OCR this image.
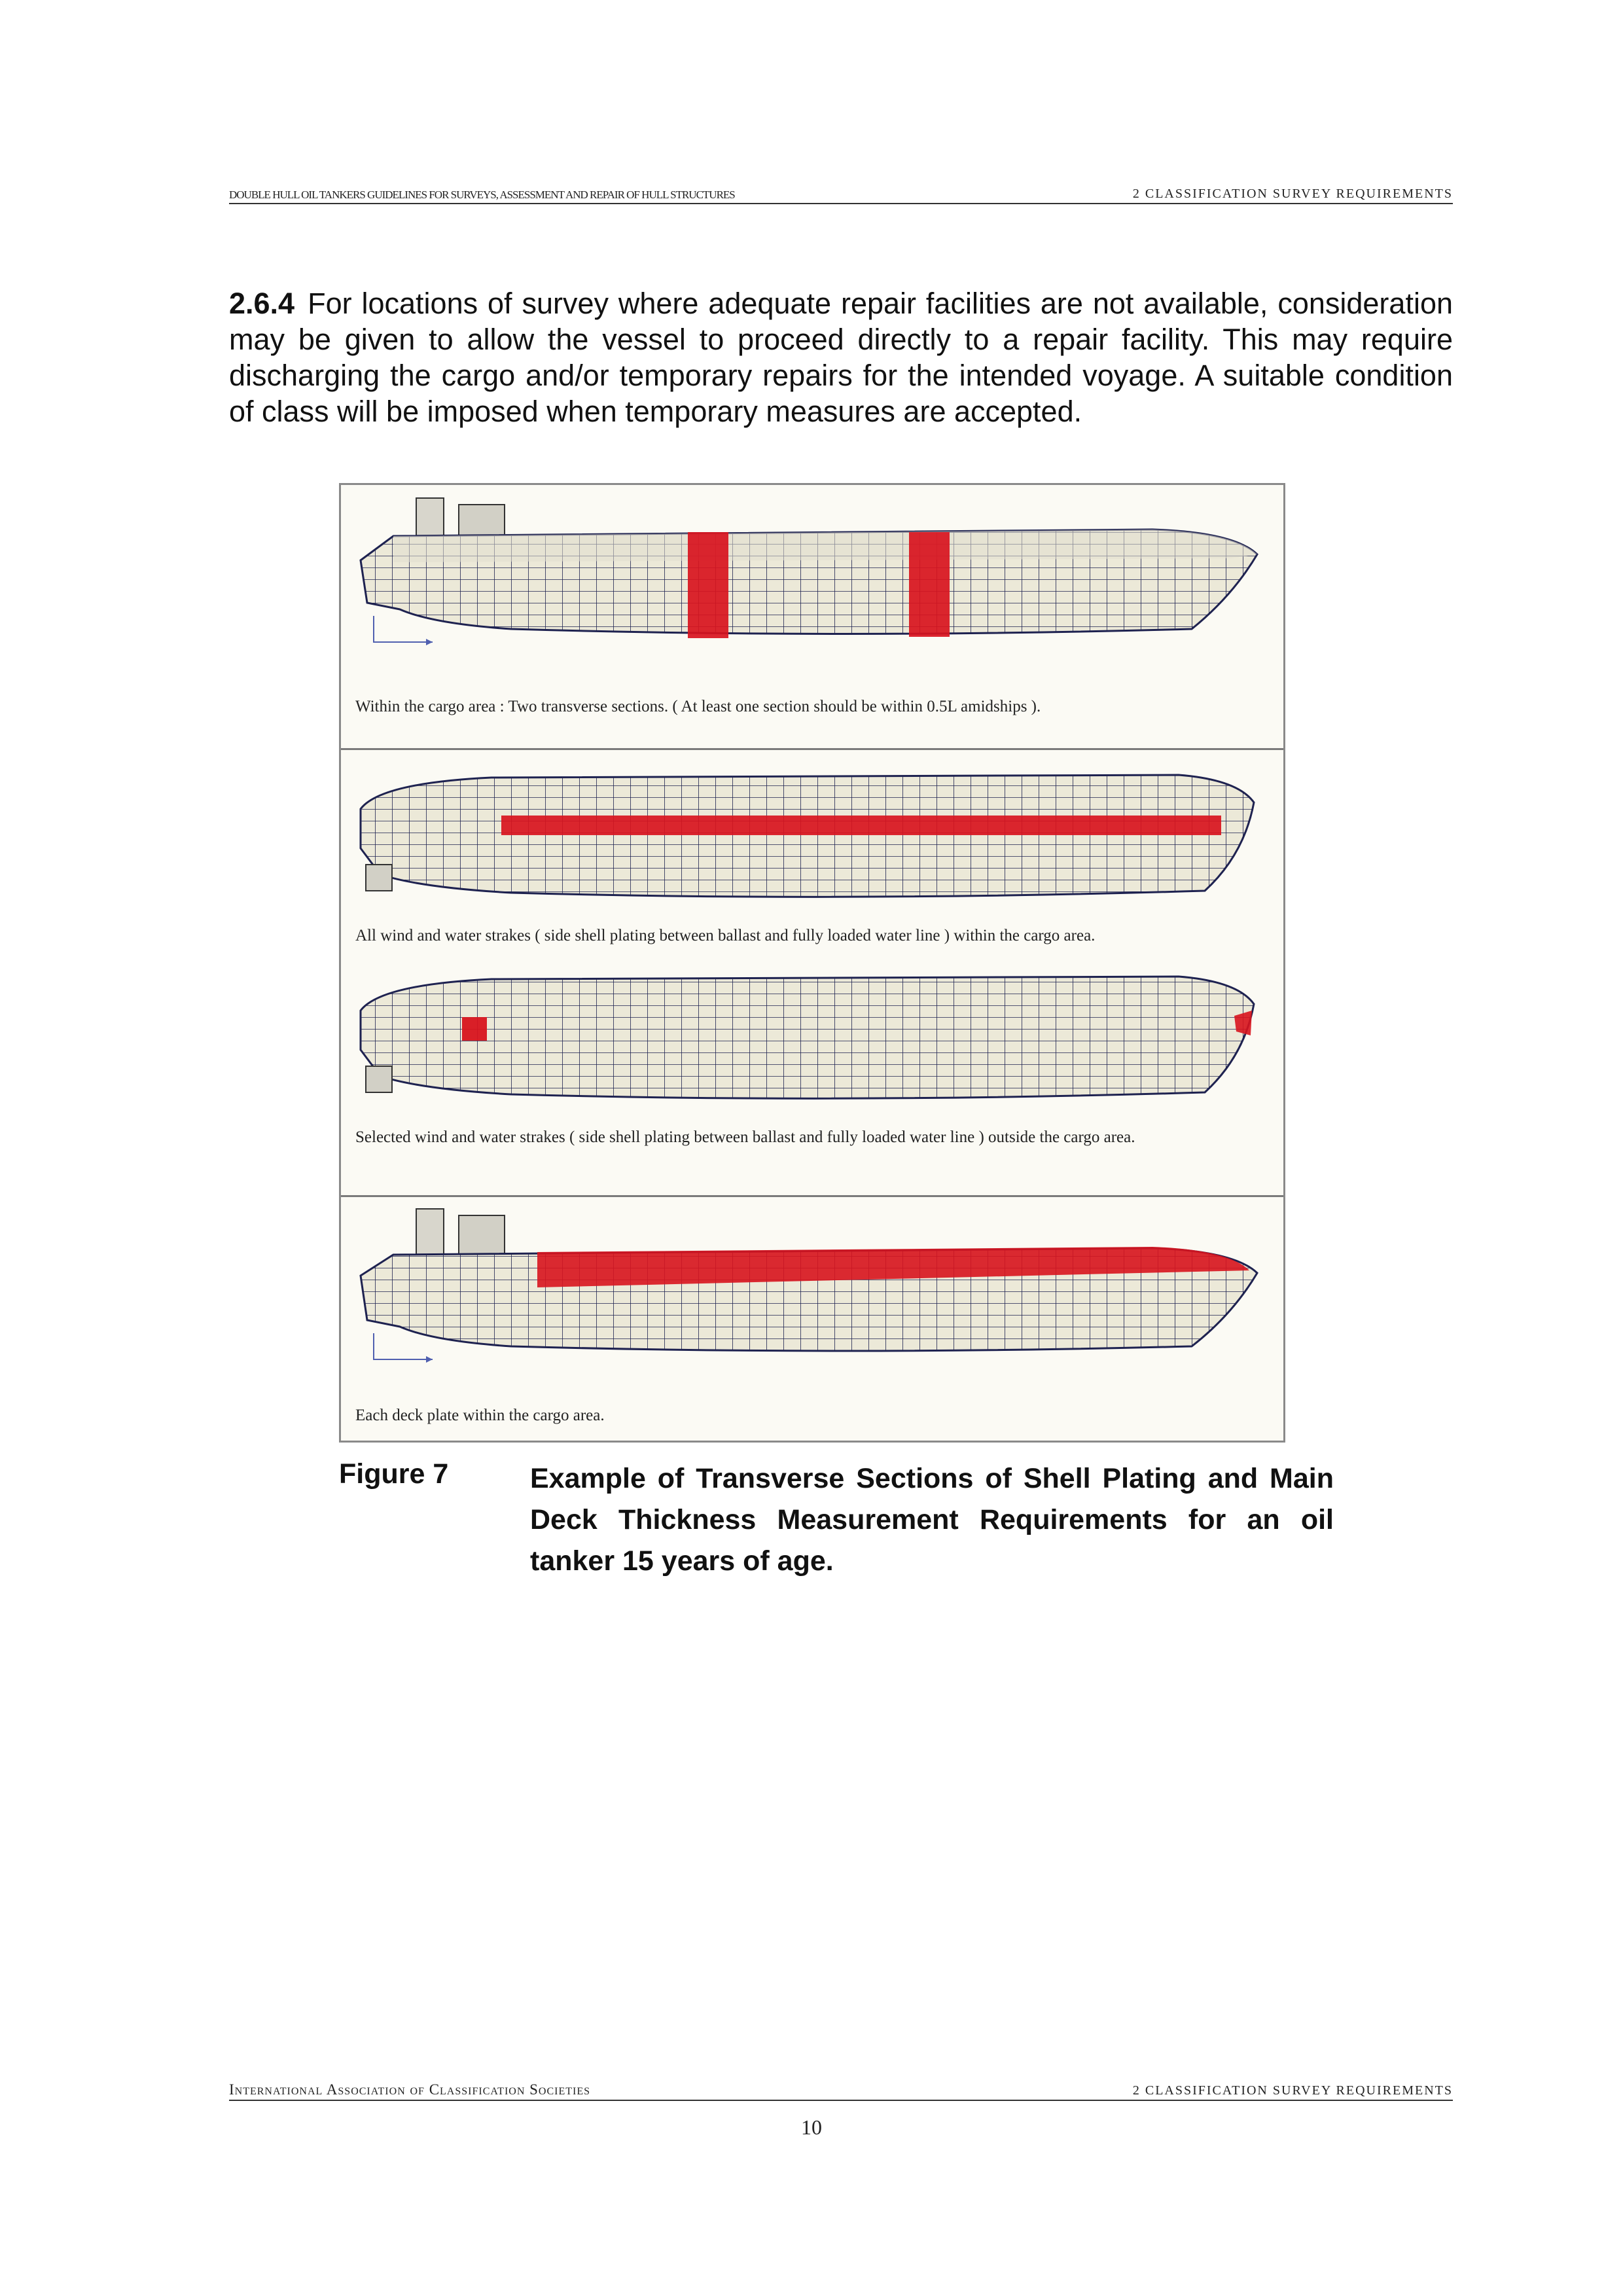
DOUBLE HULL OIL TANKERS GUIDELINES FOR SURVEYS, ASSESSMENT AND REPAIR OF HULL STRUCTURES	2 CLASSIFICATION SURVEY REQUIREMENTS
2.6.4 For locations of survey where adequate repair facilities are not available, consideration may be given to allow the vessel to proceed directly to a repair facility. This may require discharging the cargo and/or temporary repairs for the intended voyage. A suitable condition of class will be imposed when temporary measures are accepted.
Within the cargo area : Two transverse sections. ( At least one section should be within 0.5L amidships ).
All wind and water strakes ( side shell plating between ballast and fully loaded water line ) within the cargo area.
Selected wind and water strakes ( side shell plating between ballast and fully loaded water line ) outside the cargo area.
Each deck plate within the cargo area.
Figure 7	Example of Transverse Sections of Shell Plating and Main Deck Thickness Measurement Requirements for an oil tanker 15 years of age.
International Association of Classification Societies	2 CLASSIFICATION SURVEY REQUIREMENTS
10
